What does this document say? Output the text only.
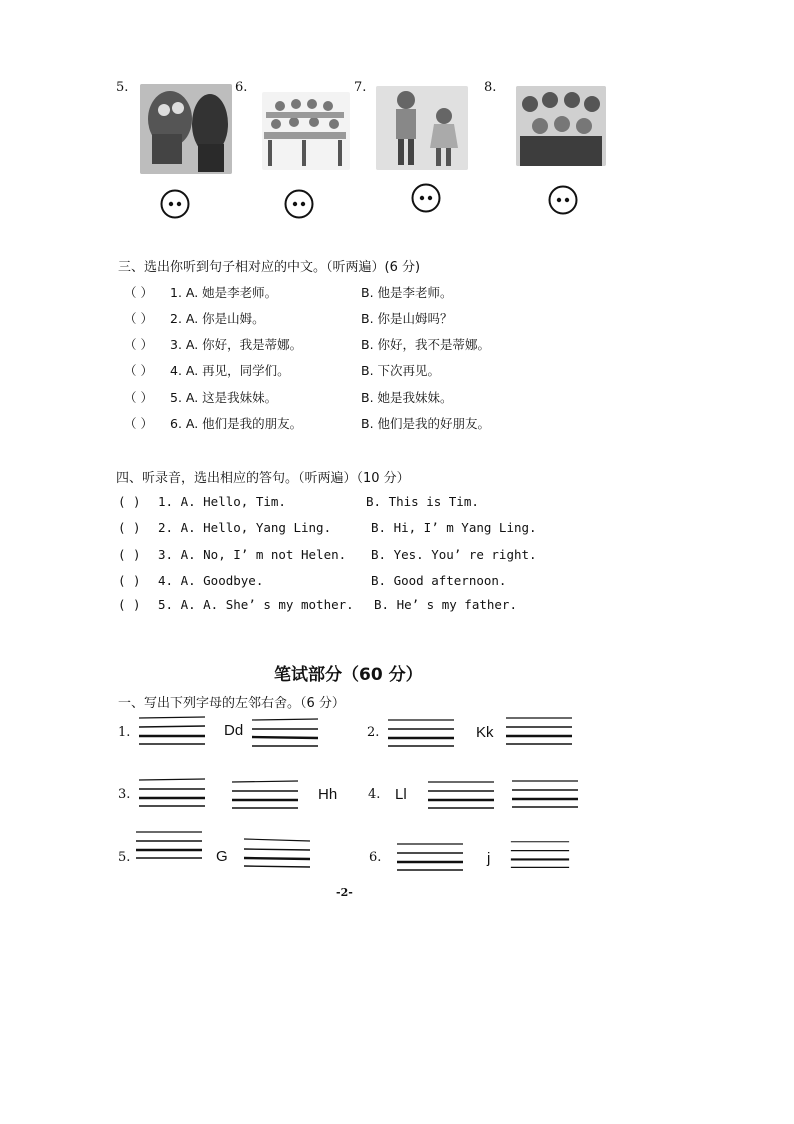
5.	6.	7.	8.
三、选出你听到句子相对应的中文。（听两遍）(6 分)
（ ） 1. A. 她是李老师。	B. 他是李老师。
（ ） 2. A. 你是山姆。	B. 你是山姆吗？
（ ） 3. A. 你好，我是蒂娜。	B. 你好，我不是蒂娜。
（ ） 4. A. 再见，同学们。	B. 下次再见。
（ ） 5. A. 这是我妹妹。	B. 她是我妹妹。
（ ） 6. A. 他们是我的朋友。	B. 他们是我的好朋友。
四、听录音，选出相应的答句。（听两遍）（10 分）
( ) 1. A. Hello, Tim.	B. This is Tim.
( ) 2. A. Hello, Yang Ling.	B. Hi, I’ m Yang Ling.
( ) 3. A. No, I’ m not Helen. B. Yes. You’ re right.
( ) 4. A. Goodbye.	B. Good afternoon.
( ) 5. A. A. She’ s my mother. B. He’ s my father.
笔试部分（60 分）
一、写出下列字母的左邻右舍。（6 分）
1.	Dd	2.	Kk
3.	Hh 4. Ll
5.	G	6.	j
-2-
